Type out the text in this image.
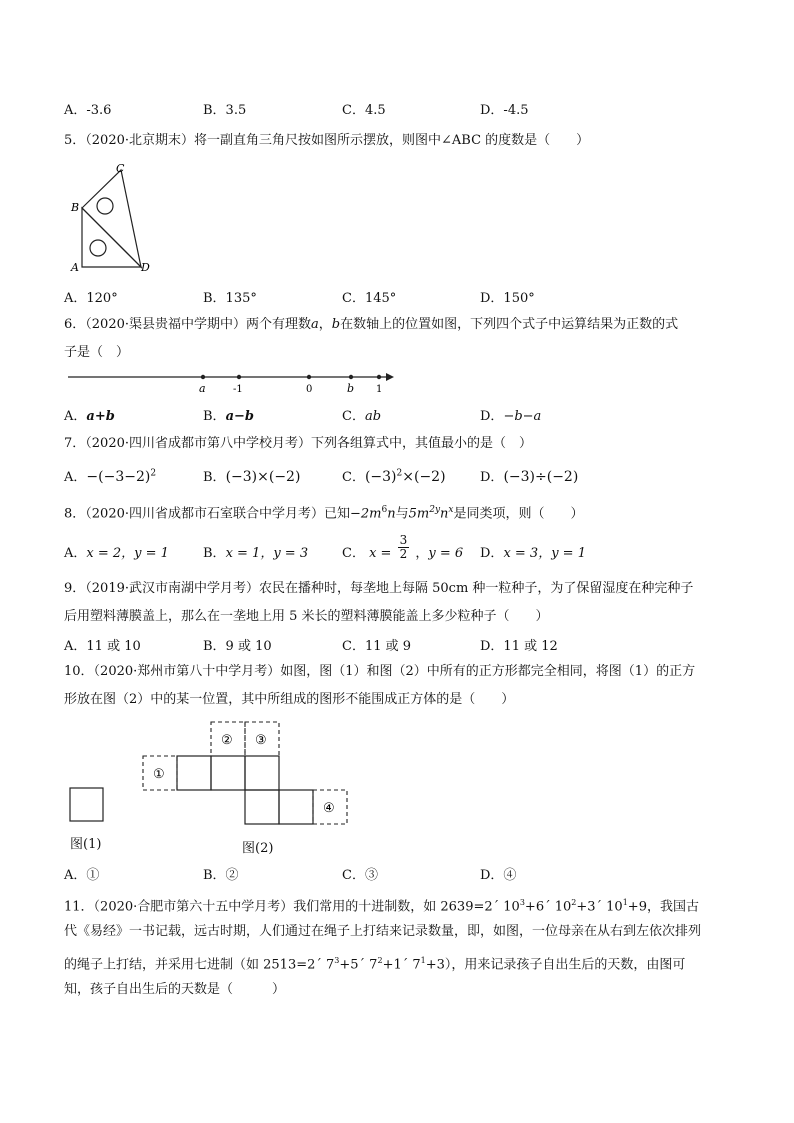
A．-3.6	B．3.5	C．4.5	D．-4.5
5．（2020·北京期末）将一副直角三角尺按如图所示摆放，则图中∠ABC 的度数是（　　）
C
B
A	D
A．120°	B．135°	C．145°	D．150°
6．（2020·渠县贵福中学期中）两个有理数a，b在数轴上的位置如图，下列四个式子中运算结果为正数的式
子是（　）
a	-1	0	b 1
A．a+b	B．a−b	C．ab	D．−b−a
7．（2020·四川省成都市第八中学校月考）下列各组算式中，其值最小的是（　）
A．$-(-3-2)^2$	B．(−3)×(−2)	C．$(-3)^2\times(-2)$	D．(−3)÷(−2)
8．（2020·四川省成都市石室联合中学月考）已知$-2m^6n$与$5m^{2y}n^x$是同类项，则（　　）
A．x = 2，y = 1	B．x = 1，y = 3	C． $x = \frac{3}{2}$ ，y = 6 D．x = 3，y = 1
9．（2019·武汉市南湖中学月考）农民在播种时，每垄地上每隔 50cm 种一粒种子，为了保留湿度在种完种子
后用塑料薄膜盖上，那么在一垄地上用 5 米长的塑料薄膜能盖上多少粒种子（　　）
A．11 或 10	B．9 或 10	C．11 或 9	D．11 或 12
10．（2020·郑州市第八十中学月考）如图，图（1）和图（2）中所有的正方形都完全相同，将图（1）的正方
形放在图（2）中的某一位置，其中所组成的图形不能围成正方体的是（　　）
图(1)
①
② ③
④
图(2)
A．①	B．②	C．③	D．④
11．（2020·合肥市第六十五中学月考）我们常用的十进制数，如 2639=2´ $10^3+6´$ $10^2+3´$ $10^1+9$，我国古
代《易经》一书记载，远古时期，人们通过在绳子上打结来记录数量，即，如图，一位母亲在从右到左依次排列
的绳子上打结，并采用七进制（如 2513=2´ $7^3+5´$ $7^2+1´$ $7^1+3$），用来记录孩子自出生后的天数，由图可
知，孩子自出生后的天数是（　　　）
